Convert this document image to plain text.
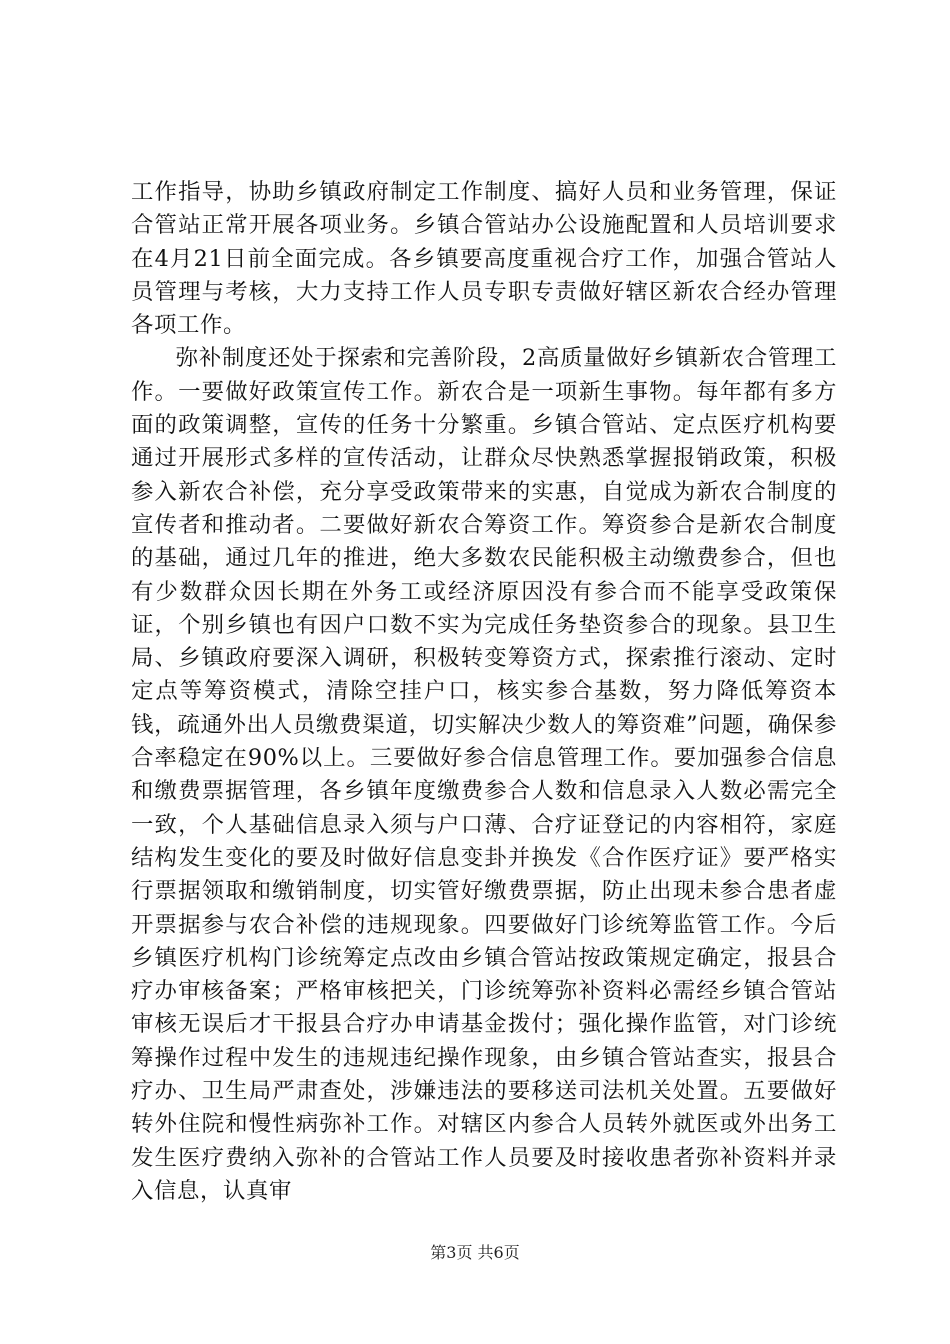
工作指导，协助乡镇政府制定工作制度、搞好人员和业务管理，保证合管站正常开展各项业务。乡镇合管站办公设施配置和人员培训要求在4月21日前全面完成。各乡镇要高度重视合疗工作，加强合管站人员管理与考核，大力支持工作人员专职专责做好辖区新农合经办管理各项工作。

弥补制度还处于探索和完善阶段，2高质量做好乡镇新农合管理工作。一要做好政策宣传工作。新农合是一项新生事物。每年都有多方面的政策调整，宣传的任务十分繁重。乡镇合管站、定点医疗机构要通过开展形式多样的宣传活动，让群众尽快熟悉掌握报销政策，积极参入新农合补偿，充分享受政策带来的实惠，自觉成为新农合制度的宣传者和推动者。二要做好新农合筹资工作。筹资参合是新农合制度的基础，通过几年的推进，绝大多数农民能积极主动缴费参合，但也有少数群众因长期在外务工或经济原因没有参合而不能享受政策保证，个别乡镇也有因户口数不实为完成任务垫资参合的现象。县卫生局、乡镇政府要深入调研，积极转变筹资方式，探索推行滚动、定时定点等筹资模式，清除空挂户口，核实参合基数，努力降低筹资本钱，疏通外出人员缴费渠道，切实解决少数人的筹资难”问题，确保参合率稳定在90%以上。三要做好参合信息管理工作。要加强参合信息和缴费票据管理，各乡镇年度缴费参合人数和信息录入人数必需完全一致，个人基础信息录入须与户口薄、合疗证登记的内容相符，家庭结构发生变化的要及时做好信息变卦并换发《合作医疗证》要严格实行票据领取和缴销制度，切实管好缴费票据，防止出现未参合患者虚开票据参与农合补偿的违规现象。四要做好门诊统筹监管工作。今后乡镇医疗机构门诊统筹定点改由乡镇合管站按政策规定确定，报县合疗办审核备案；严格审核把关，门诊统筹弥补资料必需经乡镇合管站审核无误后才干报县合疗办申请基金拨付；强化操作监管，对门诊统筹操作过程中发生的违规违纪操作现象，由乡镇合管站查实，报县合疗办、卫生局严肃查处，涉嫌违法的要移送司法机关处置。五要做好转外住院和慢性病弥补工作。对辖区内参合人员转外就医或外出务工发生医疗费纳入弥补的合管站工作人员要及时接收患者弥补资料并录入信息，认真审

第3页 共6页
